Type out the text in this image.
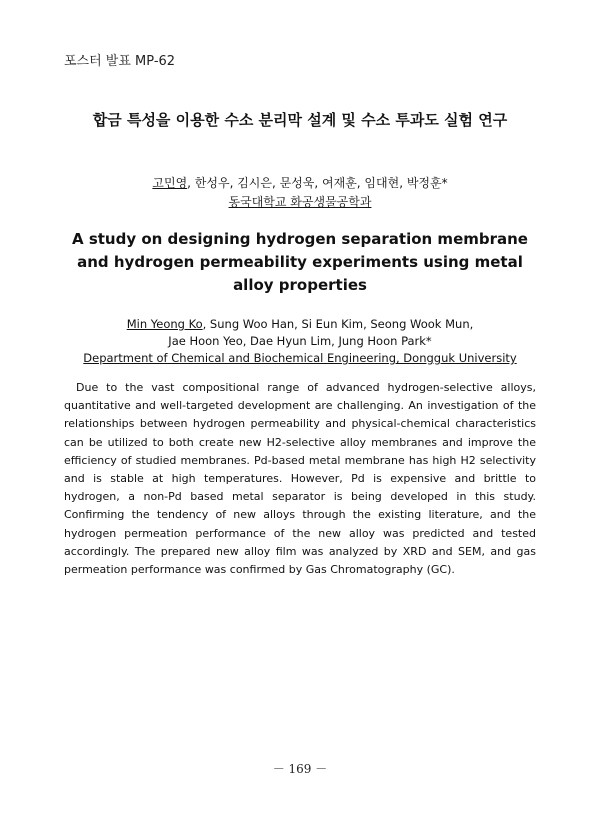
포스터 발표 MP-62
합금 특성을 이용한 수소 분리막 설계 및 수소 투과도 실험 연구
고민영, 한성우, 김시은, 문성욱, 여재훈, 임대현, 박정훈*
동국대학교 화공생물공학과
A study on designing hydrogen separation membrane and hydrogen permeability experiments using metal alloy properties
Min Yeong Ko, Sung Woo Han, Si Eun Kim, Seong Wook Mun,
Jae Hoon Yeo, Dae Hyun Lim, Jung Hoon Park*
Department of Chemical and Biochemical Engineering, Dongguk University

Due to the vast compositional range of advanced hydrogen-selective alloys, quantitative and well-targeted development are challenging. An investigation of the relationships between hydrogen permeability and physical-chemical characteristics can be utilized to both create new H2-selective alloy membranes and improve the efficiency of studied membranes. Pd-based metal membrane has high H2 selectivity and is stable at high temperatures. However, Pd is expensive and brittle to hydrogen, a non-Pd based metal separator is being developed in this study. Confirming the tendency of new alloys through the existing literature, and the hydrogen permeation performance of the new alloy was predicted and tested accordingly. The prepared new alloy film was analyzed by XRD and SEM, and gas permeation performance was confirmed by Gas Chromatography (GC).

－ 169 －
